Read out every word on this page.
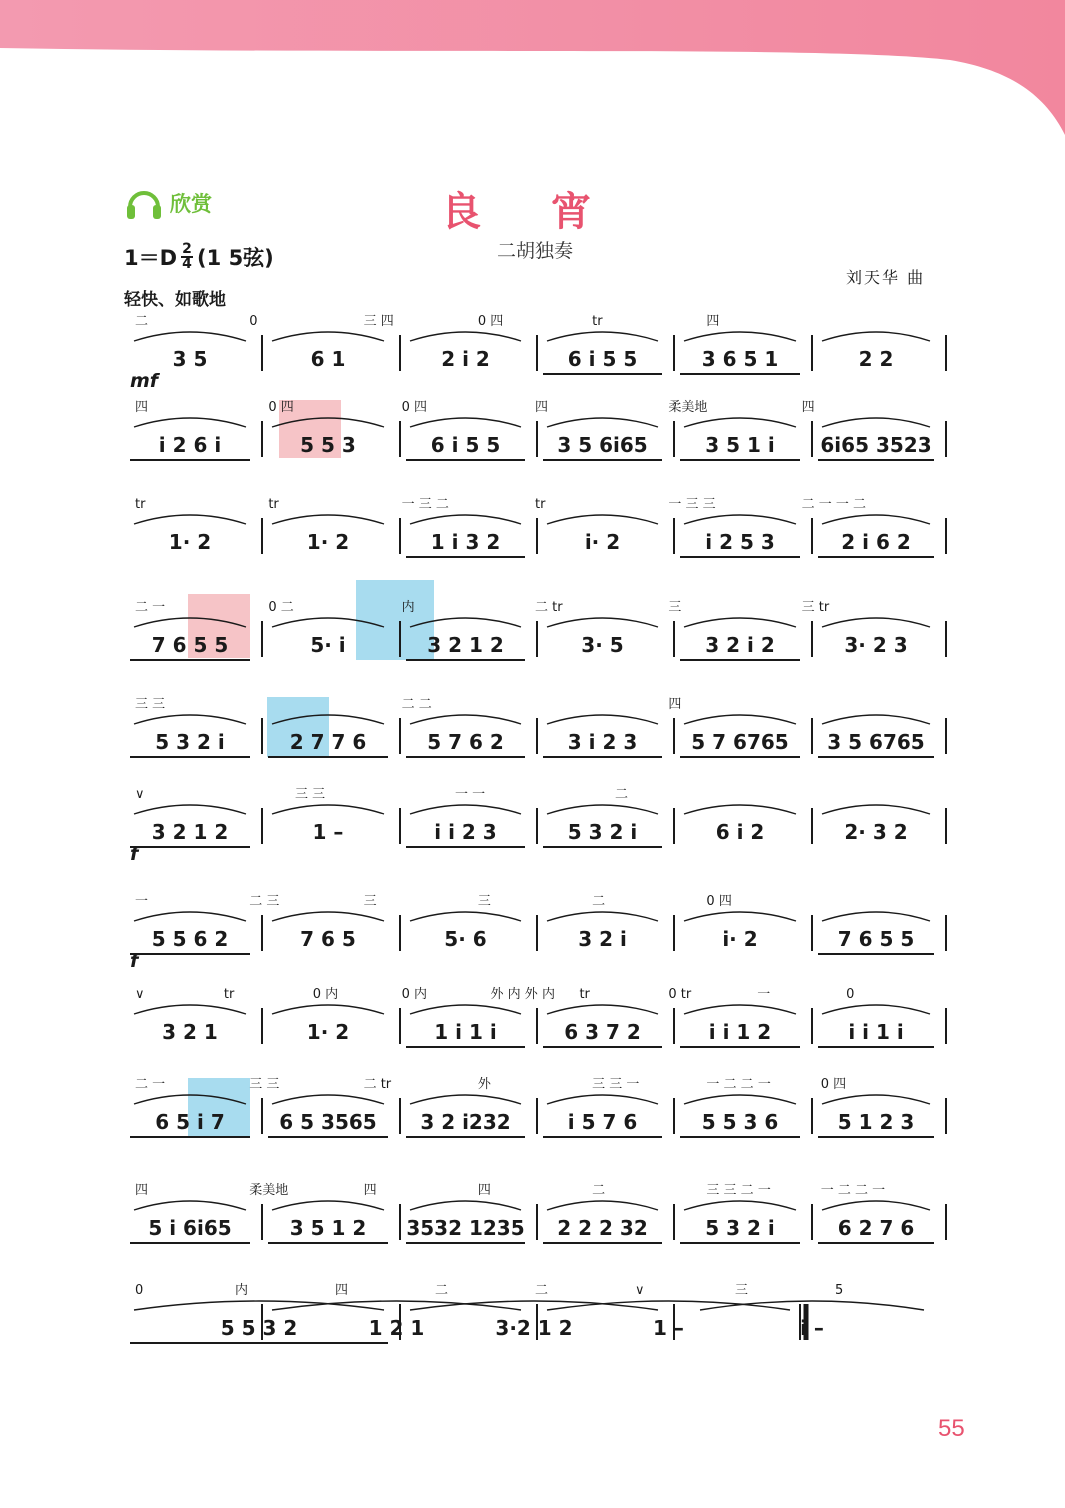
欣赏	良 宵
二胡独奏
$1=D \frac{2}{4} (1$ 5弦)
轻快、如歌地
刘天华 曲
3 5	6 1	2 i 2	6 i 5 5	3 6 5 1	2 2
二	0	三 四	0 四	tr	四
mf
i 2 6 i	5 5 3	6 i 5 5	3 5 6i65	3 5 1 i 6i65 3523
四	0 四	0 四	四	柔美地	四
1· 2	1· 2	1 i 3 2	i· 2	i 2 5 3	2 i 6 2
tr	tr	一 三 二	tr	一 三 三	二 一 一 二
7 6 5 5	5· i	3 2 1 2	3· 5	3 2 i 2	3· 2 3
二 一	0 二	内	二 tr	三	三 tr
5 3 2 i	2 7 7 6	5 7 6 2	3 i 2 3	5 7 6765 3 5 6765
三 三	二 二	四
3 2 1 2	1 –	i i 2 3	5 3 2 i	6 i 2	2· 3 2
∨	三 三	一 一	二
f
5 5 6 2	7 6 5	5· 6	3 2 i	i· 2	7 6 5 5
一	二 三	三	三	二	0 四
f
3 2 1	1· 2	1 i 1 i	6 3 7 2	i i 1 2	i i 1 i
∨	tr	0 内	0 内	外 内 外 内 tr	0 tr	一	0
6 5 i 7	6 5 3565 3 2 i232	i 5 7 6	5 5 3 6	5 1 2 3
二 一	三 三	二 tr	外	三 三 一	一 二 二 一	0 四
5 i 6i65	3 5 1 2 3532 1235 2 2 2 32	5 3 2 i	6 2 7 6
四	柔美地	四	四	二	三 三 二 一	一 二 二 一
5 5 3 2	1 2 1	3·2 1 2	1 –	i –
0	内	四	二	二	∨	三	5
55
